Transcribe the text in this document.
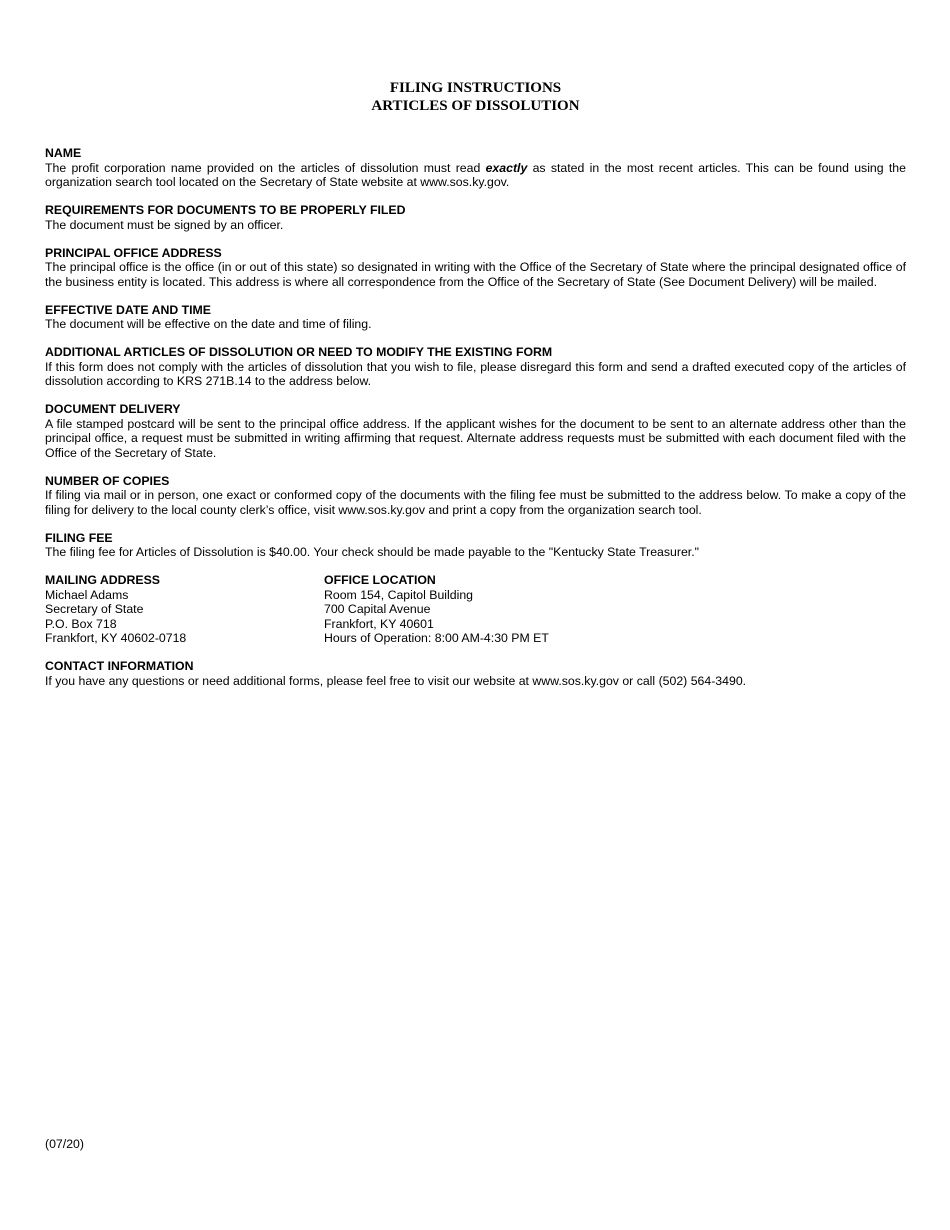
FILING INSTRUCTIONS
ARTICLES OF DISSOLUTION
NAME
The profit corporation name provided on the articles of dissolution must read exactly as stated in the most recent articles. This can be found using the organization search tool located on the Secretary of State website at www.sos.ky.gov.
REQUIREMENTS FOR DOCUMENTS TO BE PROPERLY FILED
The document must be signed by an officer.
PRINCIPAL OFFICE ADDRESS
The principal office is the office (in or out of this state) so designated in writing with the Office of the Secretary of State where the principal designated office of the business entity is located. This address is where all correspondence from the Office of the Secretary of State (See Document Delivery) will be mailed.
EFFECTIVE DATE AND TIME
The document will be effective on the date and time of filing.
ADDITIONAL ARTICLES OF DISSOLUTION OR NEED TO MODIFY THE EXISTING FORM
If this form does not comply with the articles of dissolution that you wish to file, please disregard this form and send a drafted executed copy of the articles of dissolution according to KRS 271B.14 to the address below.
DOCUMENT DELIVERY
A file stamped postcard will be sent to the principal office address. If the applicant wishes for the document to be sent to an alternate address other than the principal office, a request must be submitted in writing affirming that request. Alternate address requests must be submitted with each document filed with the Office of the Secretary of State.
NUMBER OF COPIES
If filing via mail or in person, one exact or conformed copy of the documents with the filing fee must be submitted to the address below. To make a copy of the filing for delivery to the local county clerk’s office, visit www.sos.ky.gov and print a copy from the organization search tool.
FILING FEE
The filing fee for Articles of Dissolution is $40.00. Your check should be made payable to the "Kentucky State Treasurer."
MAILING ADDRESS
Michael Adams
Secretary of State
P.O. Box 718
Frankfort, KY 40602-0718
OFFICE LOCATION
Room 154, Capitol Building
700 Capital Avenue
Frankfort, KY 40601
Hours of Operation: 8:00 AM-4:30 PM ET
CONTACT INFORMATION
If you have any questions or need additional forms, please feel free to visit our website at www.sos.ky.gov or call (502) 564-3490.
(07/20)
